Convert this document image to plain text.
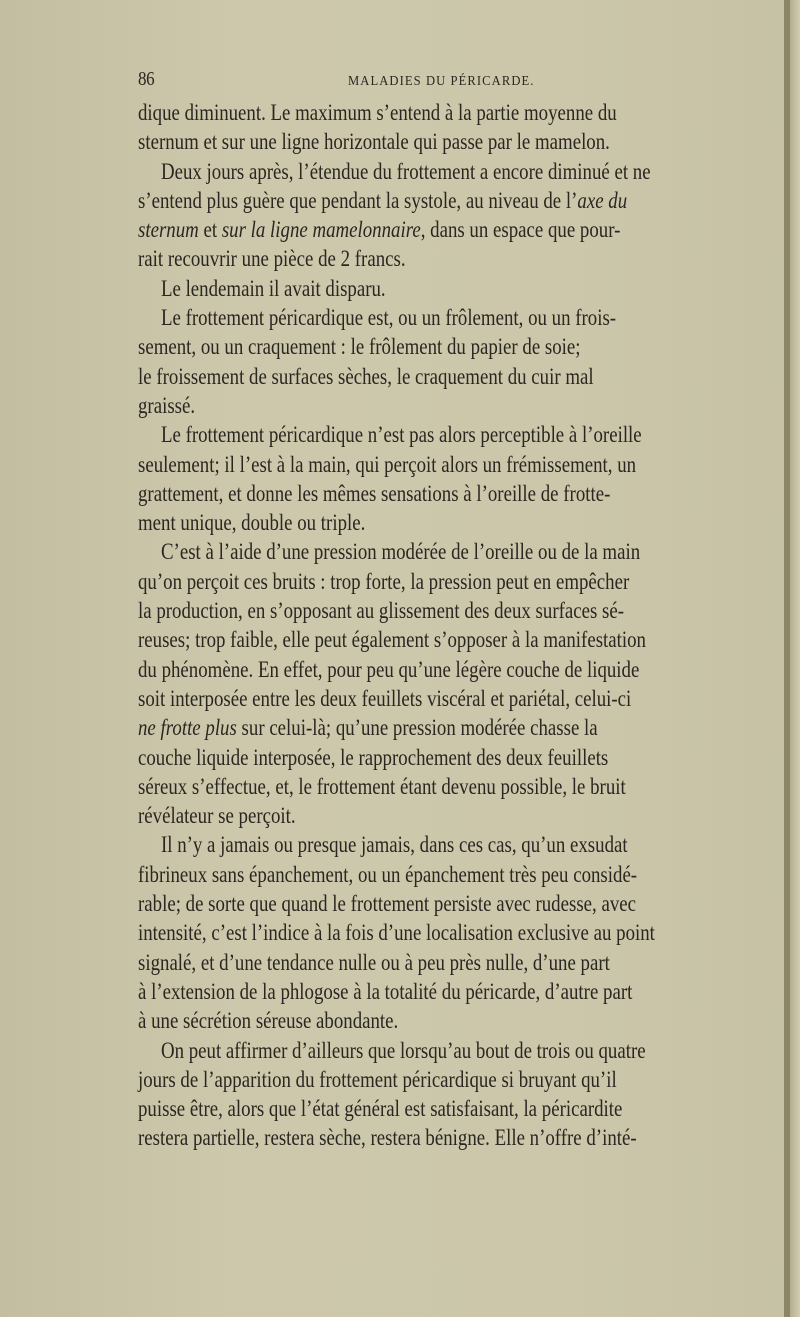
86	MALADIES DU PÉRICARDE.
dique diminuent. Le maximum s’entend à la partie moyenne du
sternum et sur une ligne horizontale qui passe par le mamelon.
Deux jours après, l’étendue du frottement a encore diminué et ne
s’entend plus guère que pendant la systole, au niveau de l’axe du
sternum et sur la ligne mamelonnaire, dans un espace que pour-
rait recouvrir une pièce de 2 francs.
Le lendemain il avait disparu.
Le frottement péricardique est, ou un frôlement, ou un frois-
sement, ou un craquement : le frôlement du papier de soie;
le froissement de surfaces sèches, le craquement du cuir mal
graissé.
Le frottement péricardique n’est pas alors perceptible à l’oreille
seulement; il l’est à la main, qui perçoit alors un frémissement, un
grattement, et donne les mêmes sensations à l’oreille de frotte-
ment unique, double ou triple.
C’est à l’aide d’une pression modérée de l’oreille ou de la main
qu’on perçoit ces bruits : trop forte, la pression peut en empêcher
la production, en s’opposant au glissement des deux surfaces sé-
reuses; trop faible, elle peut également s’opposer à la manifestation
du phénomène. En effet, pour peu qu’une légère couche de liquide
soit interposée entre les deux feuillets viscéral et pariétal, celui-ci
ne frotte plus sur celui-là; qu’une pression modérée chasse la
couche liquide interposée, le rapprochement des deux feuillets
séreux s’effectue, et, le frottement étant devenu possible, le bruit
révélateur se perçoit.
Il n’y a jamais ou presque jamais, dans ces cas, qu’un exsudat
fibrineux sans épanchement, ou un épanchement très peu considé-
rable; de sorte que quand le frottement persiste avec rudesse, avec
intensité, c’est l’indice à la fois d’une localisation exclusive au point
signalé, et d’une tendance nulle ou à peu près nulle, d’une part
à l’extension de la phlogose à la totalité du péricarde, d’autre part
à une sécrétion séreuse abondante.
On peut affirmer d’ailleurs que lorsqu’au bout de trois ou quatre
jours de l’apparition du frottement péricardique si bruyant qu’il
puisse être, alors que l’état général est satisfaisant, la péricardite
restera partielle, restera sèche, restera bénigne. Elle n’offre d’inté-
